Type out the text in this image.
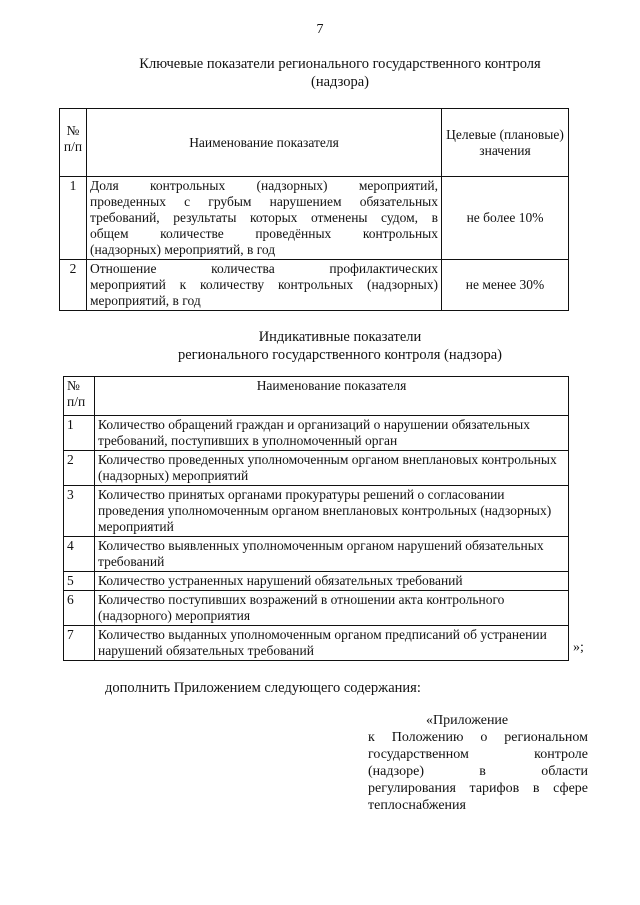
7
Ключевые показатели регионального государственного контроля
(надзора)
№ п/п	Наименование показателя	Целевые (плановые) значения
1	Доля контрольных (надзорных) мероприятий,
проведенных с грубым нарушением обязательных
требований, результаты которых отменены судом, в
общем количестве проведённых контрольных
(надзорных) мероприятий, в год	не более 10%
2	Отношение количества профилактических
мероприятий к количеству контрольных (надзорных)
мероприятий, в год	не менее 30%
Индикативные показатели
регионального государственного контроля (надзора)
№ п/п	Наименование показателя
1	Количество обращений граждан и организаций о нарушении обязательных требований, поступивших в уполномоченный орган
2	Количество проведенных уполномоченным органом внеплановых контрольных (надзорных) мероприятий
3	Количество принятых органами прокуратуры решений о согласовании проведения уполномоченным органом внеплановых контрольных (надзорных) мероприятий
4	Количество выявленных уполномоченным органом нарушений обязательных требований
5	Количество устраненных нарушений обязательных требований
6	Количество поступивших возражений в отношении акта контрольного (надзорного) мероприятия
7	Количество выданных уполномоченным органом предписаний об устранении нарушений обязательных требований	»;
дополнить Приложением следующего содержания:
«Приложение
к Положению о региональном
государственном контроле
(надзоре) в области
регулирования тарифов в сфере
теплоснабжения
